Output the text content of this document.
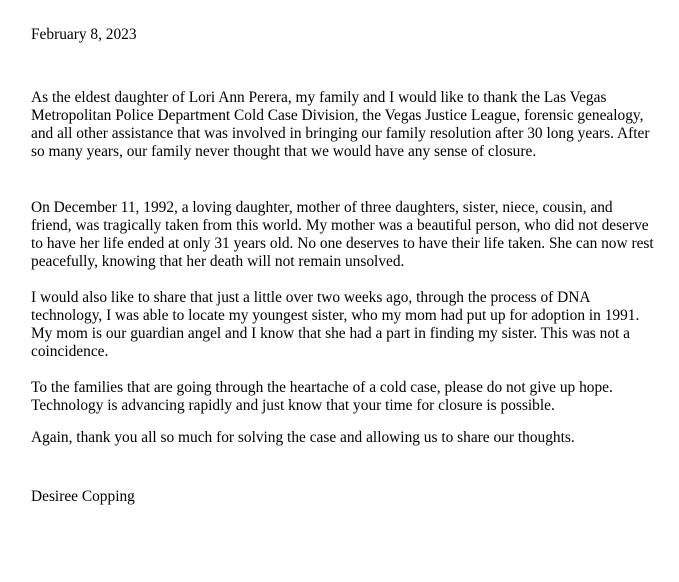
February 8, 2023

As the eldest daughter of Lori Ann Perera, my family and I would like to thank the Las Vegas Metropolitan Police Department Cold Case Division, the Vegas Justice League, forensic genealogy, and all other assistance that was involved in bringing our family resolution after 30 long years. After so many years, our family never thought that we would have any sense of closure.

On December 11, 1992, a loving daughter, mother of three daughters, sister, niece, cousin, and friend, was tragically taken from this world. My mother was a beautiful person, who did not deserve to have her life ended at only 31 years old. No one deserves to have their life taken. She can now rest peacefully, knowing that her death will not remain unsolved.

I would also like to share that just a little over two weeks ago, through the process of DNA technology, I was able to locate my youngest sister, who my mom had put up for adoption in 1991. My mom is our guardian angel and I know that she had a part in finding my sister. This was not a coincidence.

To the families that are going through the heartache of a cold case, please do not give up hope. Technology is advancing rapidly and just know that your time for closure is possible.

Again, thank you all so much for solving the case and allowing us to share our thoughts.

Desiree Copping
